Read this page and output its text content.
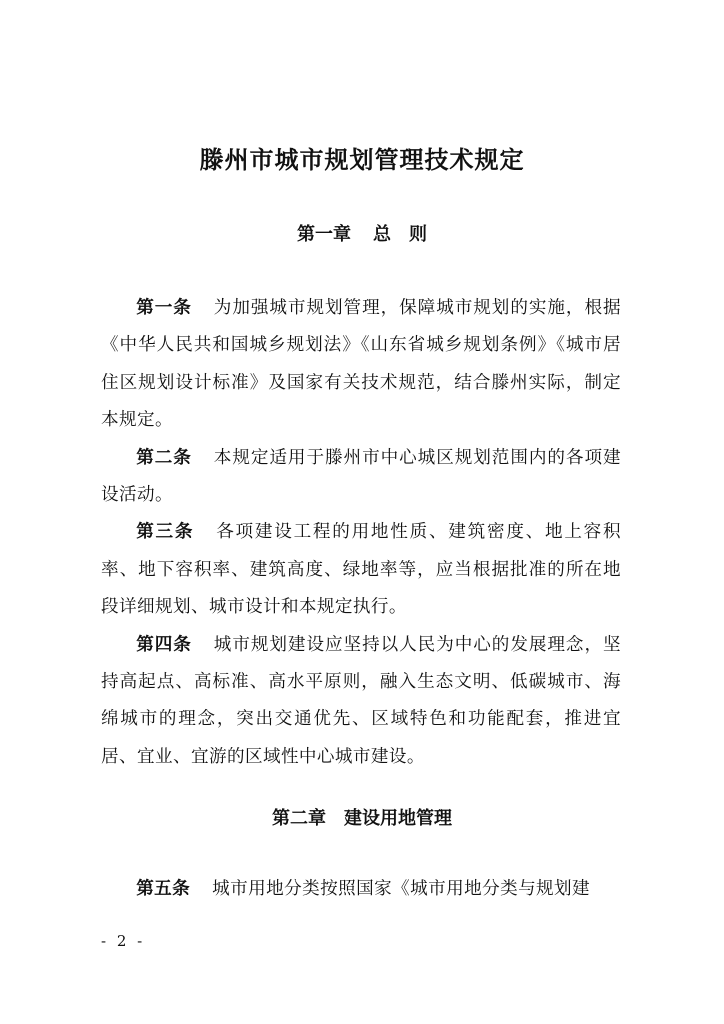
滕州市城市规划管理技术规定
第一章 总　则

第一条 为加强城市规划管理，保障城市规划的实施，根据《中华人民共和国城乡规划法》《山东省城乡规划条例》《城市居住区规划设计标准》及国家有关技术规范，结合滕州实际，制定本规定。

第二条 本规定适用于滕州市中心城区规划范围内的各项建设活动。

第三条 各项建设工程的用地性质、建筑密度、地上容积率、地下容积率、建筑高度、绿地率等，应当根据批准的所在地段详细规划、城市设计和本规定执行。

第四条 城市规划建设应坚持以人民为中心的发展理念，坚持高起点、高标准、高水平原则，融入生态文明、低碳城市、海绵城市的理念，突出交通优先、区域特色和功能配套，推进宜居、宜业、宜游的区域性中心城市建设。

第二章 建设用地管理

第五条 城市用地分类按照国家《城市用地分类与规划建

- 2 -
